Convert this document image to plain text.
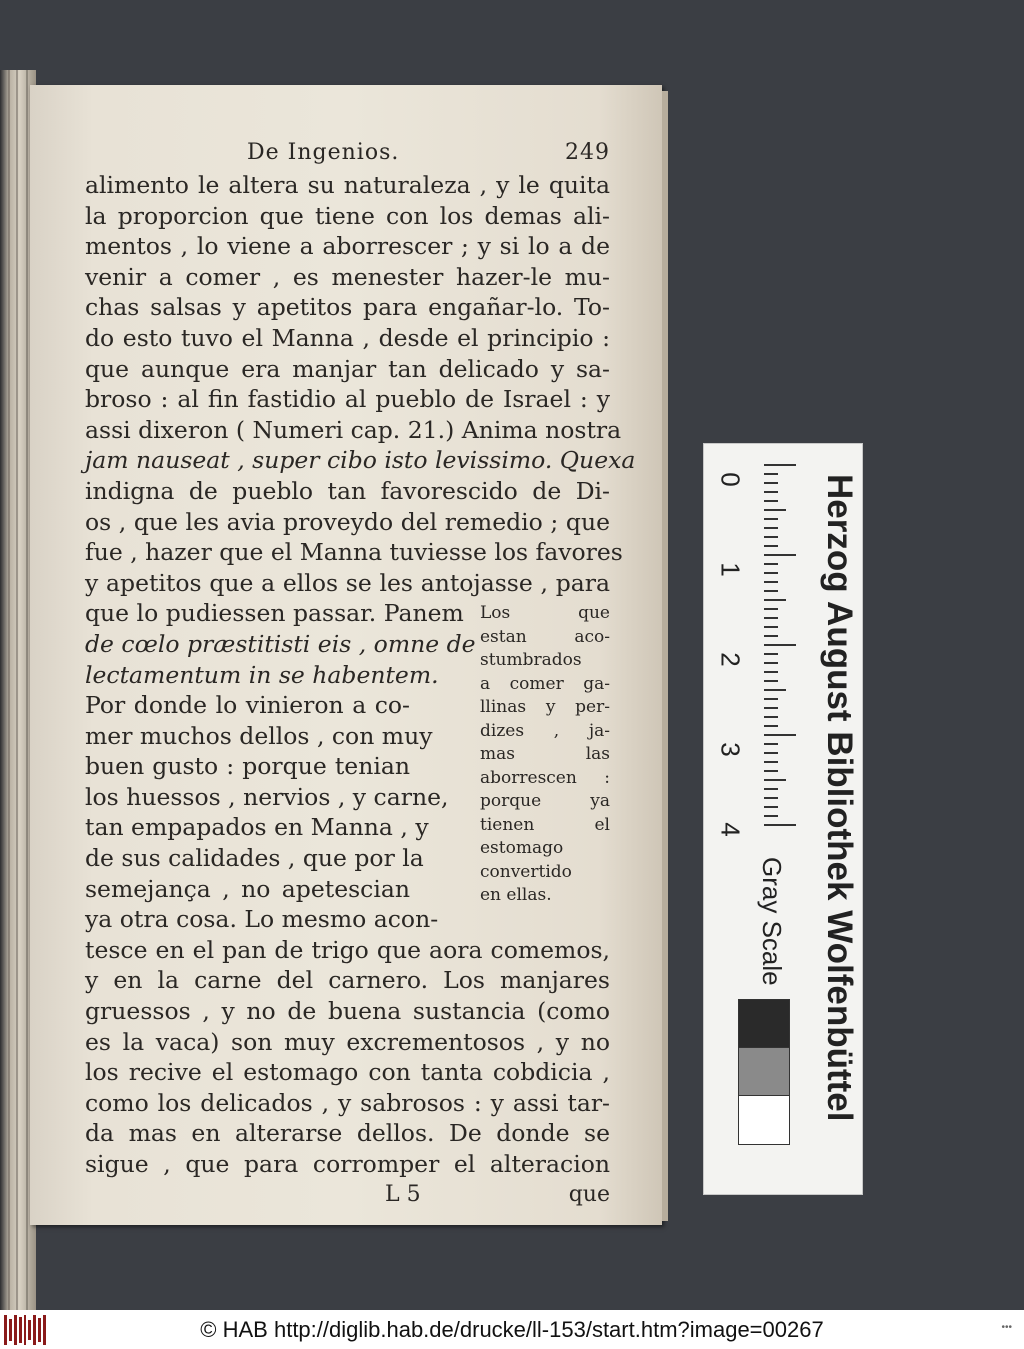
De Ingenios.	249
alimento le altera su naturaleza , y le quita
la proporcion que tiene con los demas ali-
mentos , lo viene a aborrescer ; y si lo a de
venir a comer , es menester hazer-le mu-
chas salsas y apetitos para engañar-lo. To-
do esto tuvo el Manna , desde el principio :
que aunque era manjar tan delicado y sa-
broso : al fin fastidio al pueblo de Israel : y
assi dixeron ( Numeri cap. 21.) Anima nostra
jam nauseat , super cibo isto levissimo. Quexa
indigna de pueblo tan favorescido de Di-
os , que les avia proveydo del remedio ; que
fue , hazer que el Manna tuviesse los favores
y apetitos que a ellos se les antojasse , para
que lo pudiessen passar. Panem
de cœlo præstitisti eis , omne de
lectamentum in se habentem.
Por donde lo vinieron a co-
mer muchos dellos , con muy
buen gusto : porque tenian
los huessos , nervios , y carne,
tan empapados en Manna , y
de sus calidades , que por la
semejança , no apetescian
ya otra cosa. Lo mesmo acon-
Los que
estan aco-
stumbrados
a comer ga-
llinas y per-
dizes , ja-
mas las
aborrescen :
porque ya
tienen el
estomago
convertido
en ellas.
tesce en el pan de trigo que aora comemos,
y en la carne del carnero. Los manjares
gruessos , y no de buena sustancia (como
es la vaca) son muy excrementosos , y no
los recive el estomago con tanta cobdicia ,
como los delicados , y sabrosos : y assi tar-
da mas en alterarse dellos. De donde se
sigue , que para corromper el alteracion
L 5	que
Herzog August Bibliothek Wolfenbüttel
0
1
2
3
4
Gray Scale
© HAB http://diglib.hab.de/drucke/ll-153/start.htm?image=00267	•••
